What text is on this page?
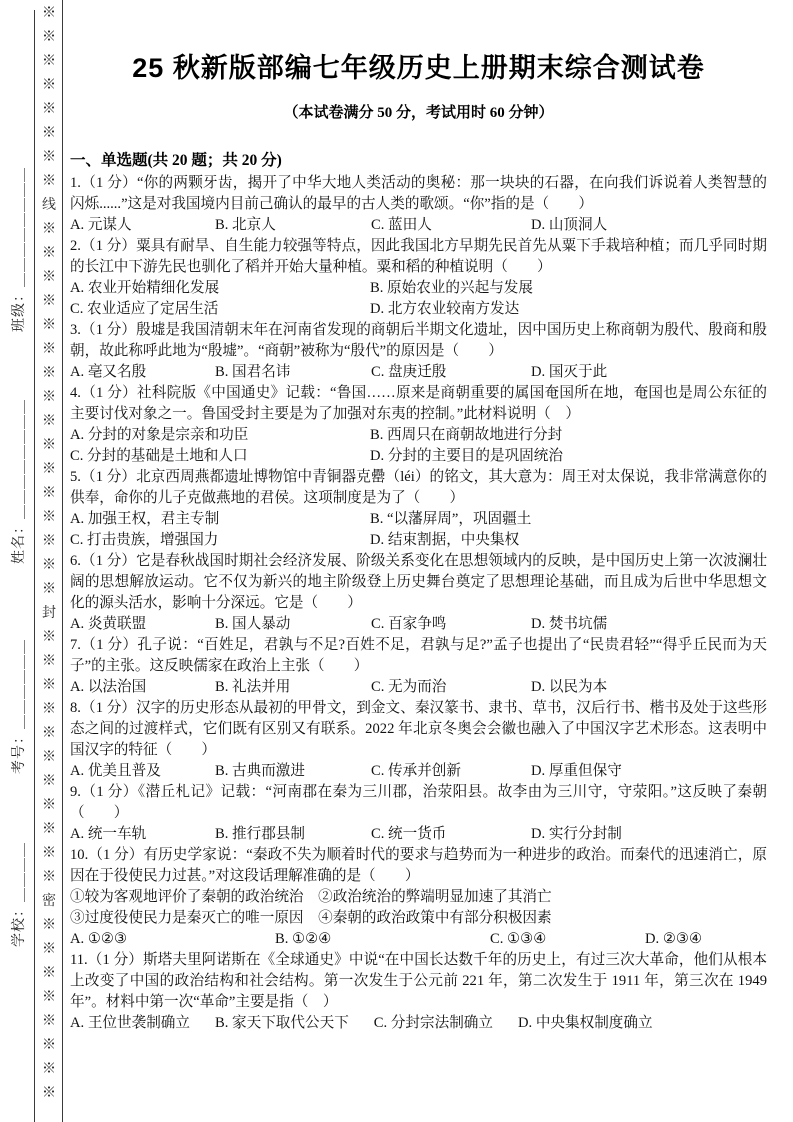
班级：＿＿＿＿＿＿＿＿
姓名：＿＿＿＿＿＿＿＿
考号：＿＿＿＿＿＿
学校：＿＿＿＿
※※※※※※※※线※※※※※※※※※※※※※※※※封※※※※※※※※※※※密※※※※※※※※
25 秋新版部编七年级历史上册期末综合测试卷
（本试卷满分 50 分，考试用时 60 分钟）
一、单选题(共 20 题；共 20 分)

1.（1 分）“你的两颗牙齿，揭开了中华大地人类活动的奥秘：那一块块的石器，在向我们诉说着人类智慧的闪烁......”这是对我国境内目前己确认的最早的古人类的歌颂。“你”指的是（　　）

A. 元谋人	B. 北京人	C. 蓝田人	D. 山顶洞人

2.（1 分）粟具有耐旱、自生能力较强等特点，因此我国北方早期先民首先从粟下手栽培种植；而几乎同时期的长江中下游先民也驯化了稻并开始大量种植。粟和稻的种植说明（　　）

A. 农业开始精细化发展	B. 原始农业的兴起与发展
C. 农业适应了定居生活	D. 北方农业较南方发达

3.（1 分）殷墟是我国清朝末年在河南省发现的商朝后半期文化遗址，因中国历史上称商朝为殷代、殷商和殷朝，故此称呼此地为“殷墟”。“商朝”被称为“殷代”的原因是（　　）

A. 亳又名殷	B. 国君名讳	C. 盘庚迁殷	D. 国灭于此

4.（1 分）社科院版《中国通史》记载：“鲁国……原来是商朝重要的属国奄国所在地，奄国也是周公东征的主要讨伐对象之一。鲁国受封主要是为了加强对东夷的控制。”此材料说明（　）

A. 分封的对象是宗亲和功臣	B. 西周只在商朝故地进行分封
C. 分封的基础是土地和人口	D. 分封的主要目的是巩固统治

5.（1 分）北京西周燕都遗址博物馆中青铜器克罍（léi）的铭文，其大意为：周王对太保说，我非常满意你的供奉，命你的儿子克做燕地的君侯。这项制度是为了（　　）

A. 加强王权，君主专制	B. “以藩屏周”，巩固疆土
C. 打击贵族，增强国力	D. 结束割据，中央集权

6.（1 分）它是春秋战国时期社会经济发展、阶级关系变化在思想领域内的反映，是中国历史上第一次波澜壮阔的思想解放运动。它不仅为新兴的地主阶级登上历史舞台奠定了思想理论基础，而且成为后世中华思想文化的源头活水，影响十分深远。它是（　　）

A. 炎黄联盟	B. 国人暴动	C. 百家争鸣	D. 焚书坑儒

7.（1 分）孔子说：“百姓足，君孰与不足?百姓不足，君孰与足?”孟子也提出了“民贵君轻”“得乎丘民而为天子”的主张。这反映儒家在政治上主张（　　）

A. 以法治国	B. 礼法并用	C. 无为而治	D. 以民为本

8.（1 分）汉字的历史形态从最初的甲骨文，到金文、秦汉篆书、隶书、草书，汉后行书、楷书及处于这些形态之间的过渡样式，它们既有区别又有联系。2022 年北京冬奥会会徽也融入了中国汉字艺术形态。这表明中国汉字的特征（　　）

A. 优美且普及	B. 古典而激进	C. 传承并创新	D. 厚重但保守

9.（1 分）《潜丘札记》记载：“河南郡在秦为三川郡，治荥阳县。故李由为三川守，守荥阳。”这反映了秦朝（　　）

A. 统一车轨	B. 推行郡县制	C. 统一货币	D. 实行分封制

10.（1 分）有历史学家说：“秦政不失为顺着时代的要求与趋势而为一种进步的政治。而秦代的迅速消亡，原因在于役使民力过甚。”对这段话理解准确的是（　　）

①较为客观地评价了秦朝的政治统治　②政治统治的弊端明显加速了其消亡
③过度役使民力是秦灭亡的唯一原因　④秦朝的政治政策中有部分积极因素
A. ①②③	B. ①②④	C. ①③④	D. ②③④

11.（1 分）斯塔夫里阿诺斯在《全球通史》中说“在中国长达数千年的历史上，有过三次大革命，他们从根本上改变了中国的政治结构和社会结构。第一次发生于公元前 221 年，第二次发生于 1911 年，第三次在 1949 年”。材料中第一次“革命”主要是指（　）

A. 王位世袭制确立 B. 家天下取代公天下 C. 分封宗法制确立 D. 中央集权制度确立
